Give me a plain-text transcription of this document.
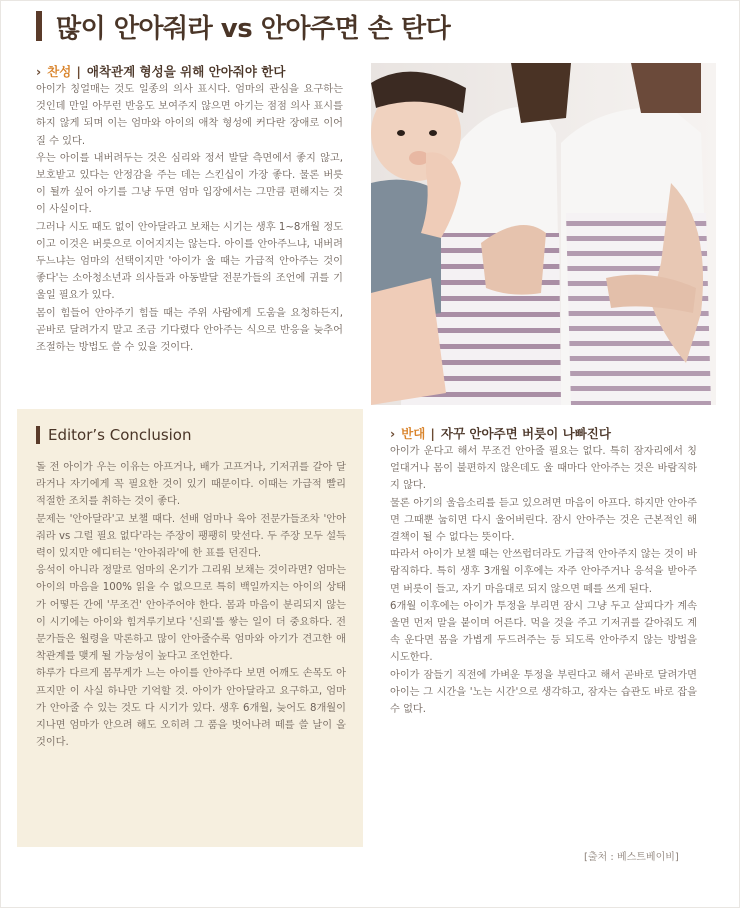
많이 안아줘라 vs 안아주면 손 탄다
› 찬성 | 애착관계 형성을 위해 안아줘야 한다

아이가 칭얼매는 것도 일종의 의사 표시다. 엄마의 관심을 요구하는 것인데 만일 아무런 반응도 보여주지 않으면 아기는 점점 의사 표시를 하지 않게 되며 이는 엄마와 아이의 애착 형성에 커다란 장애로 이어질 수 있다.

우는 아이를 내버려두는 것은 심리와 정서 발달 측면에서 좋지 않고, 보호받고 있다는 안정감을 주는 데는 스킨십이 가장 좋다. 물론 버릇이 될까 싶어 아기를 그냥 두면 엄마 입장에서는 그만큼 편해지는 것이 사실이다.

그러나 시도 때도 없이 안아달라고 보채는 시기는 생후 1~8개월 정도이고 이것은 버릇으로 이어지지는 않는다. 아이를 안아주느냐, 내버려두느냐는 엄마의 선택이지만 '아이가 울 때는 가급적 안아주는 것이 좋다'는 소아청소년과 의사들과 아동발달 전문가들의 조언에 귀를 기울일 필요가 있다.

몸이 힘들어 안아주기 힘들 때는 주위 사람에게 도움을 요청하든지, 곧바로 달려가지 말고 조금 기다렸다 안아주는 식으로 반응을 늦추어 조절하는 방법도 쓸 수 있을 것이다.

Editor’s Conclusion

돌 전 아이가 우는 이유는 아프거나, 배가 고프거나, 기저귀를 갈아 달라거나 자기에게 꼭 필요한 것이 있기 때문이다. 이때는 가급적 빨리 적절한 조치를 취하는 것이 좋다.

문제는 '안아달라'고 보챌 때다. 선배 엄마나 육아 전문가들조차 '안아줘라 vs 그럴 필요 없다'라는 주장이 팽팽히 맞선다. 두 주장 모두 설득력이 있지만 에디터는 '안아줘라'에 한 표를 던진다.

응석이 아니라 정말로 엄마의 온기가 그리워 보채는 것이라면? 엄마는 아이의 마음을 100% 읽을 수 없으므로 특히 백일까지는 아이의 상태가 어떻든 간에 '무조건' 안아주어야 한다. 몸과 마음이 분리되지 않는 이 시기에는 아이와 힘겨루기보다 '신뢰'를 쌓는 일이 더 중요하다. 전문가들은 월령을 막론하고 많이 안아줄수록 엄마와 아기가 견고한 애착관계를 맺게 될 가능성이 높다고 조언한다.

하루가 다르게 몸무게가 느는 아이를 안아주다 보면 어깨도 손목도 아프지만 이 사실 하나만 기억할 것. 아이가 안아달라고 요구하고, 엄마가 안아줄 수 있는 것도 다 시기가 있다. 생후 6개월, 늦어도 8개월이 지나면 엄마가 안으려 해도 오히려 그 품을 벗어나려 떼를 쓸 날이 올 것이다.

› 반대 | 자꾸 안아주면 버릇이 나빠진다

아이가 운다고 해서 무조건 안아줄 필요는 없다. 특히 잠자리에서 칭얼대거나 몸이 불편하지 않은데도 울 때마다 안아주는 것은 바람직하지 않다.

물론 아기의 울음소리를 듣고 있으려면 마음이 아프다. 하지만 안아주면 그때뿐 눕히면 다시 울어버린다. 잠시 안아주는 것은 근본적인 해결책이 될 수 없다는 뜻이다.

따라서 아이가 보챌 때는 안쓰럽더라도 가급적 안아주지 않는 것이 바람직하다. 특히 생후 3개월 이후에는 자주 안아주거나 응석을 받아주면 버릇이 들고, 자기 마음대로 되지 않으면 떼를 쓰게 된다.

6개월 이후에는 아이가 투정을 부리면 잠시 그냥 두고 살피다가 계속 울면 먼저 말을 붙이며 어른다. 먹을 것을 주고 기저귀를 갈아줘도 계속 운다면 몸을 가볍게 두드려주는 등 되도록 안아주지 않는 방법을 시도한다.

아이가 잠들기 직전에 가벼운 투정을 부린다고 해서 곧바로 달려가면 아이는 그 시간을 '노는 시간'으로 생각하고, 잠자는 습관도 바로 잡을 수 없다.

[출처 : 베스트베이비]
